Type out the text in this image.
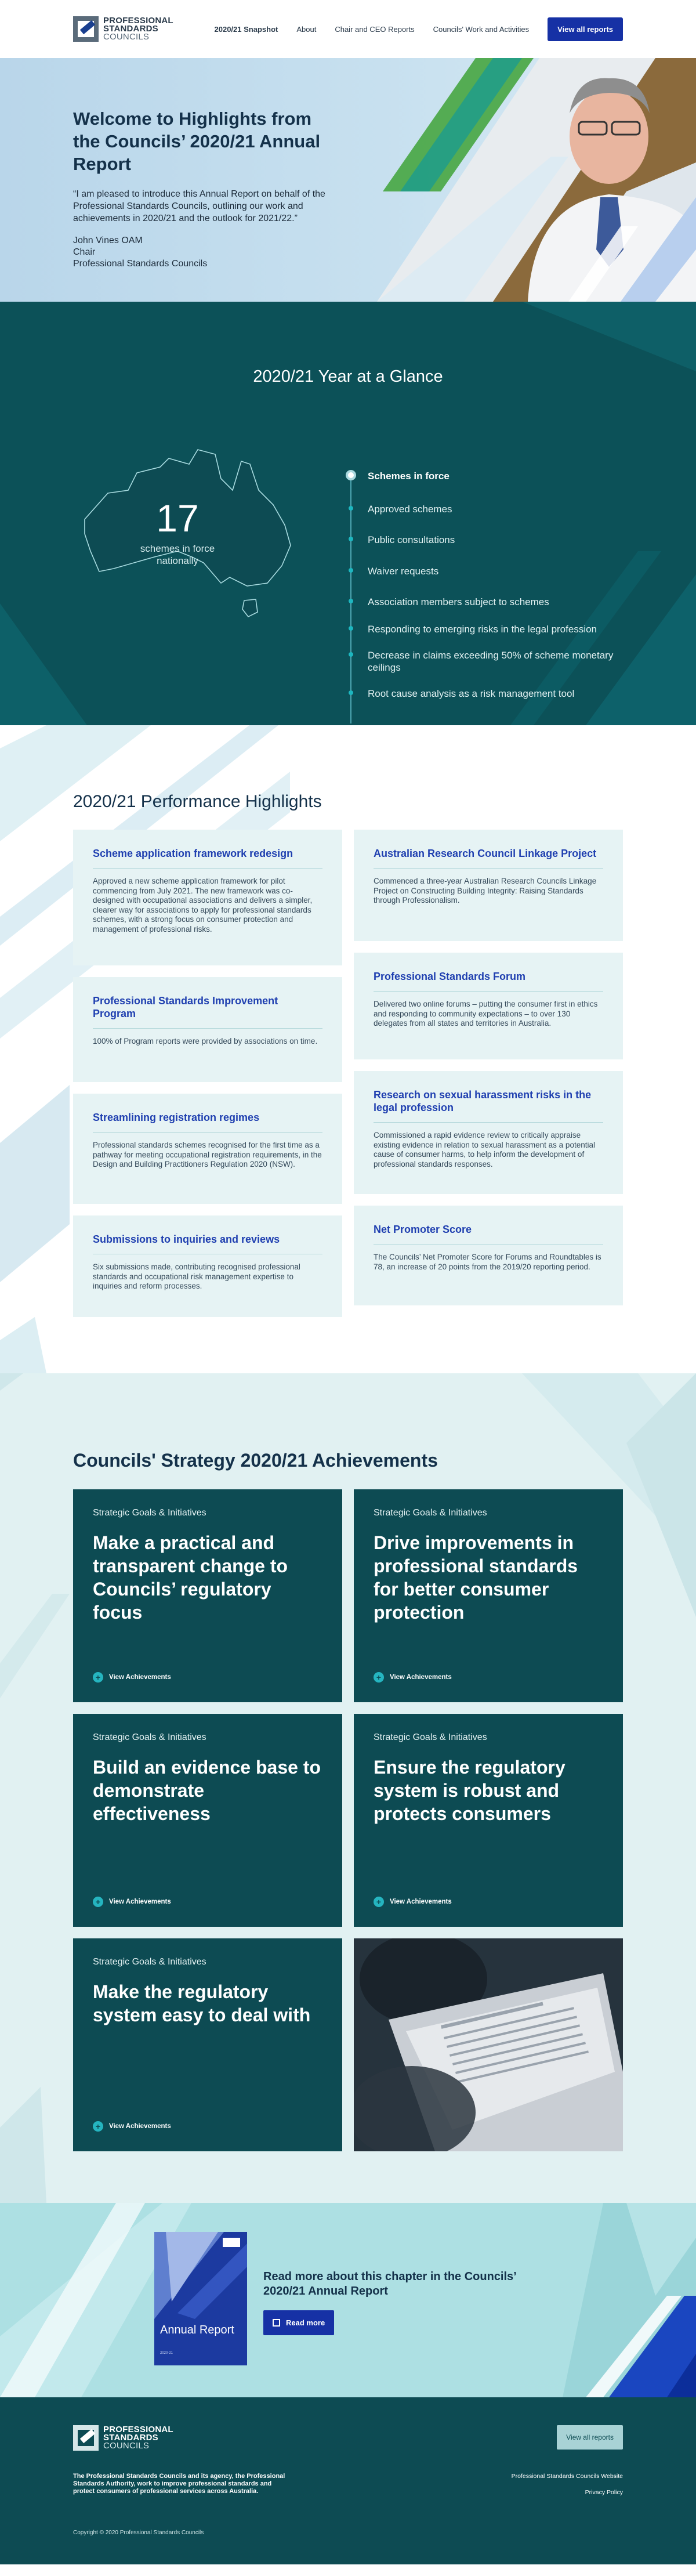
PROFESSIONAL
STANDARDS
COUNCILS
2020/21 Snapshot About Chair and CEO Reports Councils' Work and Activities	View all reports
Welcome to Highlights from the Councils’ 2020/21 Annual Report

“I am pleased to introduce this Annual Report on behalf of the Professional Standards Councils, outlining our work and achievements in 2020/21 and the outlook for 2021/22.”

John Vines OAM
Chair
Professional Standards Councils
2020/21 Year at a Glance
17
schemes in force nationally
Schemes in force
Approved schemes
Public consultations
Waiver requests
Association members subject to schemes
Responding to emerging risks in the legal profession
Decrease in claims exceeding 50% of scheme monetary ceilings
Root cause analysis as a risk management tool
2020/21 Performance Highlights
Scheme application framework redesign

Approved a new scheme application framework for pilot commencing from July 2021. The new framework was co-designed with occupational associations and delivers a simpler, clearer way for associations to apply for professional standards schemes, with a strong focus on consumer protection and management of professional risks.

Professional Standards Improvement Program

100% of Program reports were provided by associations on time.

Streamlining registration regimes

Professional standards schemes recognised for the first time as a pathway for meeting occupational registration requirements, in the Design and Building Practitioners Regulation 2020 (NSW).

Submissions to inquiries and reviews

Six submissions made, contributing recognised professional standards and occupational risk management expertise to inquiries and reform processes.

Australian Research Council Linkage Project

Commenced a three-year Australian Research Councils Linkage Project on Constructing Building Integrity: Raising Standards through Professionalism.

Professional Standards Forum

Delivered two online forums – putting the consumer first in ethics and responding to community expectations – to over 130 delegates from all states and territories in Australia.

Research on sexual harassment risks in the legal profession

Commissioned a rapid evidence review to critically appraise existing evidence in relation to sexual harassment as a potential cause of consumer harms, to help inform the development of professional standards responses.

Net Promoter Score

The Councils’ Net Promoter Score for Forums and Roundtables is 78, an increase of 20 points from the 2019/20 reporting period.

Councils' Strategy 2020/21 Achievements
Strategic Goals & Initiatives
Make a practical and transparent change to Councils’ regulatory focus
+	View Achievements
Strategic Goals & Initiatives
Drive improvements in professional standards for better consumer protection
+	View Achievements
Strategic Goals & Initiatives
Build an evidence base to demonstrate effectiveness
+	View Achievements
Strategic Goals & Initiatives
Ensure the regulatory system is robust and protects consumers
+	View Achievements
Strategic Goals & Initiatives
Make the regulatory system easy to deal with
+	View Achievements
Annual Report
2020-21

Read more about this chapter in the Councils’ 2020/21 Annual Report

Read more
PROFESSIONAL
STANDARDS
COUNCILS

The Professional Standards Councils and its agency, the Professional Standards Authority, work to improve professional standards and protect consumers of professional services across Australia.

Copyright © 2020 Professional Standards Councils

View all reports
Professional Standards Councils Website
Privacy Policy
